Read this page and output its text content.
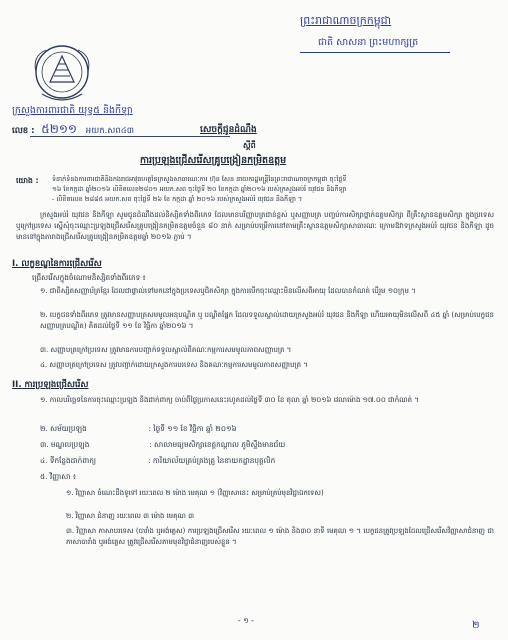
ព្រះរាជាណាចក្រកម្ពុជា
ជាតិ សាសនា ព្រះមហាក្សត្រ
ក្រសួងការពារជាតិ យុទ្ធ៥ និងកីឡា
លេខ : ៥២១១ អយក.សព៤៣	សេចក្តីជូនដំណឹង
ស្តីពី
ការប្រឡងជ្រើសរើសគ្រូបង្រៀនកម្រិតឧត្តម
យោង : ទំនាក់ទំនងការពារជាតិនិងកងរាជអាវុធហត្ថនៃក្រសួងសាធារណៈការ ហ៊ុន សែន នាយករដ្ឋមន្ត្រីនៃព្រះរាជាណាចក្រកម្ពុជា ចុះថ្ងៃទី
១៦ ខែកក្កដា ឆ្នាំ២០១៦ លិខិតលេខ២៨០១ អយក.សព ចុះថ្ងៃទី ២០ ខែកក្កដា ឆ្នាំ២០១៦ របស់ក្រសួងអប់រំ យុវជន និងកីឡា
- លិខិតលេខ ២៨៨៥ អយក.សព ចុះថ្ងៃទី ២៦ ខែ កក្កដា ឆ្នាំ ២០១៦ របស់ក្រសួងអប់រំ យុវជន និងកីឡា ។
ក្រសួងអប់រំ យុវជន និងកីឡា សូមជូនដំណឹងដល់និស្សិតទាំងពីរភេទ ដែលមានបរិញ្ញាបត្រជាន់ខ្ពស់ ឬសញ្ញាបត្រ បញ្ចប់ការសិក្សាថ្នាក់ឧត្តមសិក្សា ពីគ្រឹះស្ថានឧត្តមសិក្សា ក្នុងប្រទេស ឬក្រៅប្រទេស ស្នើសុំចុះឈ្មោះប្រឡងជ្រើសរើសគ្រូបង្រៀនកម្រិតឧត្តមចំនួន ៨០ នាក់ សម្រាប់បម្រើការនៅតាមគ្រឹះស្ថានឧត្តមសិក្សាសាធារណៈ ក្រោមឱវាទក្រសួងអប់រំ យុវជន និងកីឡា ដូចមាននៅក្នុងតារាងជ្រើសរើសគ្រូបង្រៀនកម្រិតឧត្តមឆ្នាំ ២០១៦ ភ្ជាប់ ។
I. លក្ខខណ្ឌនៃការជ្រើសរើស
ជ្រើសរើសក្នុងចំណោមនិស្សិតទាំងពីរភេទ ៖
១. ជាពិស្សិតសញ្ញាប័ត្រខ្មែរ ដែលជាផ្ទាល់ទៅមកនៅក្នុងប្រទេសឬជិតសិក្សា ក្នុងការបើកចុះឈ្មោះមិនលើសពីអាយុ ដែលបានកំណត់ បើរួម ១០ក្រុម ។
២. បេក្ខជនទាំងពីរភេទ ត្រូវមានសញ្ញាបត្រសមមូលអនុបណ្ឌិត ឬ បណ្ឌិតផ្នែក ដែលទទួលស្គាល់ដោយក្រសួងអប់រំ យុវជន និងកីឡា ហើយអាយុមិនលើសពី ៤៥ ឆ្នាំ (សម្រាប់បេក្ខជនសញ្ញាបត្របណ្ឌិត) គិតដល់ថ្ងៃទី ១១ ខែ វិច្ឆិកា ឆ្នាំ២០១៦ ។
៣. សញ្ញាបត្រក្រៅប្រទេស ត្រូវមានការបញ្ជាក់ទទួលស្គាល់ពីគណៈកម្មការសមមូលភាពសញ្ញាបត្រ ។
៤. សញ្ញាបត្រក្រៅប្រទេស ត្រូវបញ្ជាក់ដោយក្រសួងការបរទេស និងគណៈកម្មការសមមូលភាពសញ្ញាបត្រ ។
II. ការប្រឡងជ្រើសរើស
១. កាលបរិច្ឆេទនៃការចុះឈ្មោះប្រឡង និងដាក់ពាក្យ ចាប់ពីថ្ងៃប្រកាសនេះរហូតដល់ថ្ងៃទី ៣០ ខែ តុលា ឆ្នាំ ២០១៦ វេលាម៉ោង ១៧.០០ ជាកំណត់ ។
២. សម័យប្រឡង	: ថ្ងៃទី ១១ ខែ វិច្ឆិកា ឆ្នាំ ២០១៦
៣. មណ្ឌលប្រឡង	: សាលាមធ្យមសិក្សាខេត្តកណ្តាល ភូមិស្ទឹងមានជ័យ
៤. ទីកន្លែងដាក់ពាក្យ	: ការិយាល័យគ្រប់គ្រងគ្រូ នៃនាយកដ្ឋានបុគ្គលិក
៥. វិញ្ញាសា ៖
១. វិញ្ញាសា ចំណេះដឹងទូទៅ រយៈពេល ២ ម៉ោង មេគុណ ១ (វិញ្ញាសានេះ សម្រាប់គ្រប់មុខវិជ្ជាឯកទេស)
២. វិញ្ញាសា ជំនាញ រយៈពេល ៣ ម៉ោង មេគុណ ៣
៣. វិញ្ញាសា ភាសាបរទេស (បារាំង ឬអង់គ្លេស) ការប្រឡងជ្រើសរើស រយៈពេល ១ ម៉ោង និង៣០ នាទី មេគុណ ១ ។ បេក្ខជនត្រូវប្រឡងដែលជ្រើសរើសវិញ្ញាសាជំនាញ ជាភាសាបារាំង ឬអង់គ្លេស ត្រូវជ្រើសរើសតាមមុខវិជ្ជាជំនាញរបស់ខ្លួន ។
- ១ -	២
